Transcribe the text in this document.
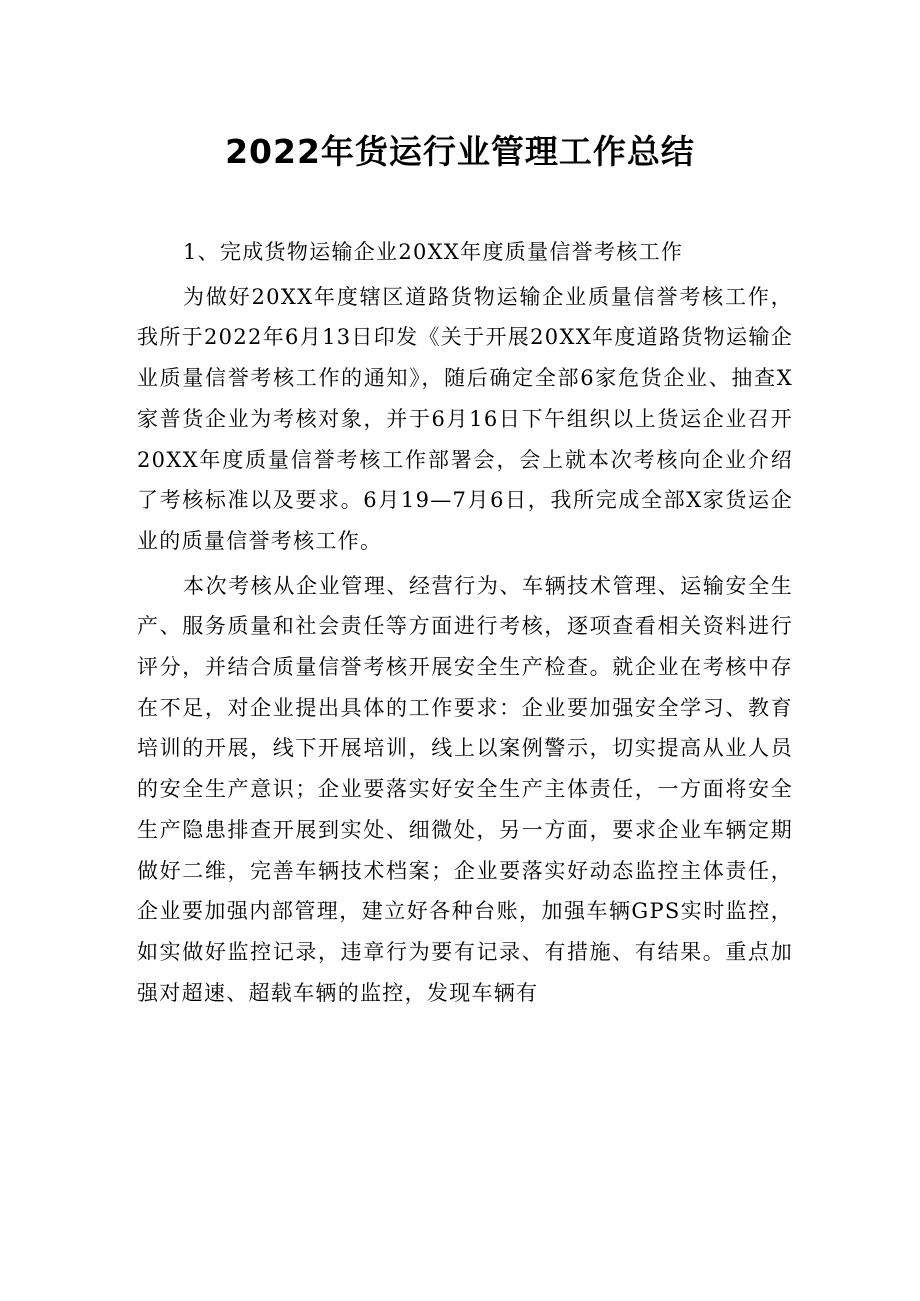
2022年货运行业管理工作总结

1、完成货物运输企业20XX年度质量信誉考核工作

为做好20XX年度辖区道路货物运输企业质量信誉考核工作，我所于2022年6月13日印发《关于开展20XX年度道路货物运输企业质量信誉考核工作的通知》，随后确定全部6家危货企业、抽查X家普货企业为考核对象，并于6月16日下午组织以上货运企业召开20XX年度质量信誉考核工作部署会，会上就本次考核向企业介绍了考核标准以及要求。6月19—7月6日，我所完成全部X家货运企业的质量信誉考核工作。

本次考核从企业管理、经营行为、车辆技术管理、运输安全生产、服务质量和社会责任等方面进行考核，逐项查看相关资料进行评分，并结合质量信誉考核开展安全生产检查。就企业在考核中存在不足，对企业提出具体的工作要求：企业要加强安全学习、教育培训的开展，线下开展培训，线上以案例警示，切实提高从业人员的安全生产意识；企业要落实好安全生产主体责任，一方面将安全生产隐患排查开展到实处、细微处，另一方面，要求企业车辆定期做好二维，完善车辆技术档案；企业要落实好动态监控主体责任，企业要加强内部管理，建立好各种台账，加强车辆GPS实时监控，如实做好监控记录，违章行为要有记录、有措施、有结果。重点加强对超速、超载车辆的监控，发现车辆有
